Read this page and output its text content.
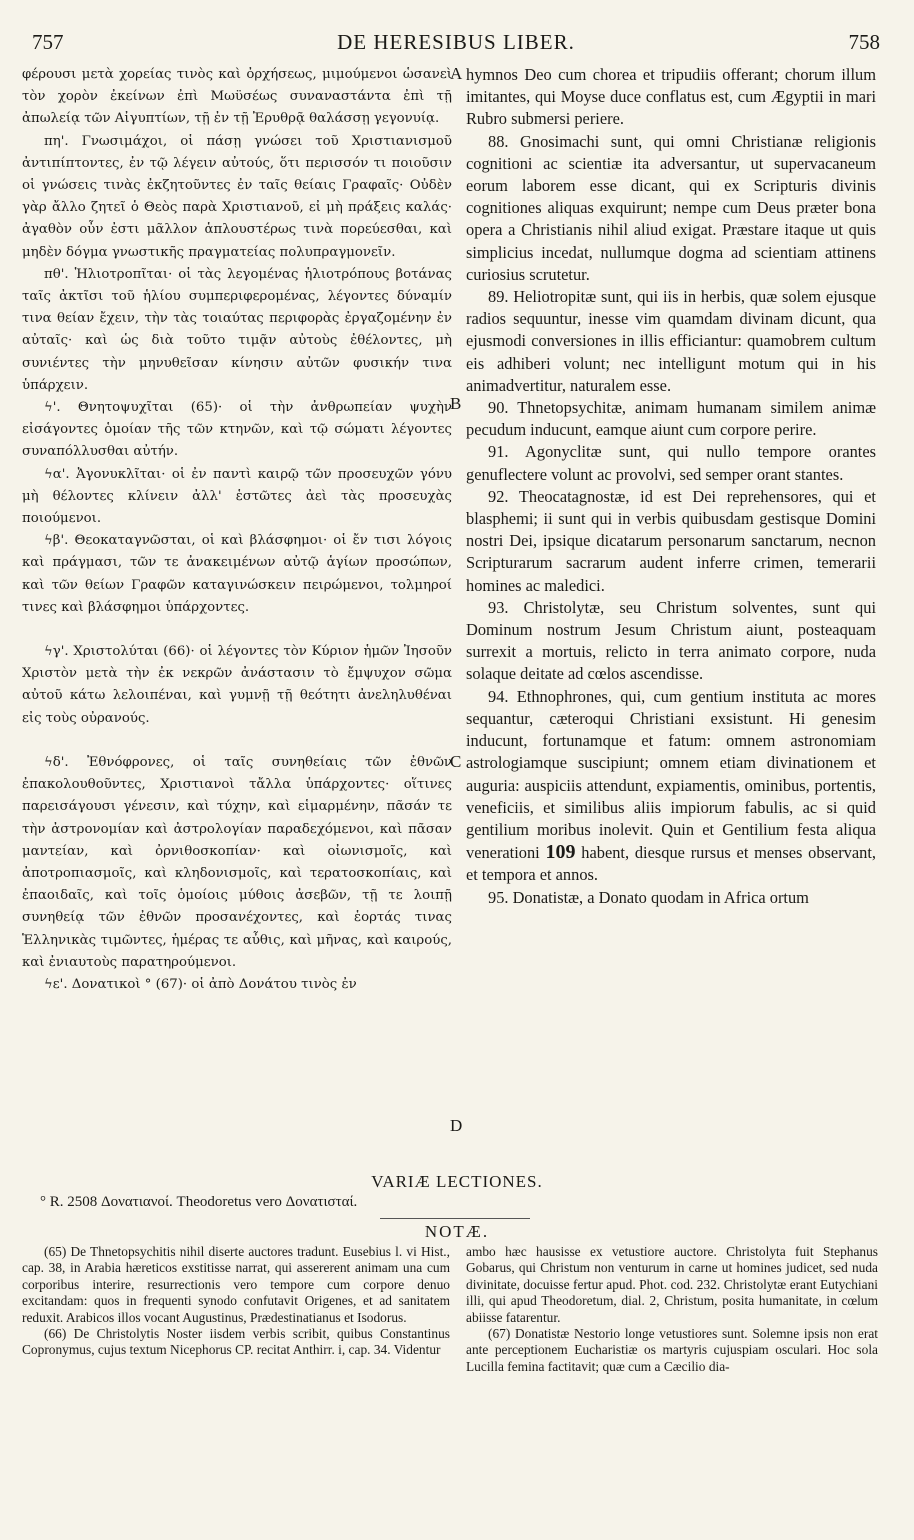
757	DE HERESIBUS LIBER.	758
A
B
C
D

φέρουσι μετὰ χορείας τινὸς καὶ ὀρχήσεως, μιμούμενοι ὡσανεὶ τὸν χορὸν ἐκείνων ἐπὶ Μωϋσέως συναναστάντα ἐπὶ τῇ ἀπωλείᾳ τῶν Αἰγυπτίων, τῇ ἐν τῇ Ἐρυθρᾷ θαλάσσῃ γεγονυίᾳ.

πη'. Γνωσιμάχοι, οἱ πάσῃ γνώσει τοῦ Χριστιανισμοῦ ἀντιπίπτοντες, ἐν τῷ λέγειν αὐτούς, ὅτι περισσόν τι ποιοῦσιν οἱ γνώσεις τινὰς ἐκζητοῦντες ἐν ταῖς θείαις Γραφαῖς· Οὐδὲν γὰρ ἄλλο ζητεῖ ὁ Θεὸς παρὰ Χριστιανοῦ, εἰ μὴ πράξεις καλάς· ἀγαθὸν οὖν ἐστι μᾶλλον ἁπλουστέρως τινὰ πορεύεσθαι, καὶ μηδὲν δόγμα γνωστικῆς πραγματείας πολυπραγμονεῖν.

πθ'. Ἡλιοτροπῖται· οἱ τὰς λεγομένας ἡλιοτρόπους βοτάνας ταῖς ἀκτῖσι τοῦ ἡλίου συμπεριφερομένας, λέγοντες δύναμίν τινα θείαν ἔχειν, τὴν τὰς τοιαύτας περιφορὰς ἐργαζομένην ἐν αὐταῖς· καὶ ὡς διὰ τοῦτο τιμᾷν αὐτοὺς ἐθέλοντες, μὴ συνιέντες τὴν μηνυθεῖσαν κίνησιν αὐτῶν φυσικήν τινα ὑπάρχειν.

ϟ'. Θνητοψυχῖται (65)· οἱ τὴν ἀνθρωπείαν ψυχὴν εἰσάγοντες ὁμοίαν τῆς τῶν κτηνῶν, καὶ τῷ σώματι λέγοντες συναπόλλυσθαι αὐτήν.

ϟα'. Ἀγονυκλῖται· οἱ ἐν παντὶ καιρῷ τῶν προσευχῶν γόνυ μὴ θέλοντες κλίνειν ἀλλ' ἑστῶτες ἀεὶ τὰς προσευχὰς ποιούμενοι.

ϟβ'. Θεοκαταγνῶσται, οἱ καὶ βλάσφημοι· οἱ ἔν τισι λόγοις καὶ πράγμασι, τῶν τε ἀνακειμένων αὐτῷ ἁγίων προσώπων, καὶ τῶν θείων Γραφῶν καταγινώσκειν πειρώμενοι, τολμηροί τινες καὶ βλάσφημοι ὑπάρχοντες.

ϟγ'. Χριστολύται (66)· οἱ λέγοντες τὸν Κύριον ἡμῶν Ἰησοῦν Χριστὸν μετὰ τὴν ἐκ νεκρῶν ἀνάστασιν τὸ ἔμψυχον σῶμα αὐτοῦ κάτω λελοιπέναι, καὶ γυμνῇ τῇ θεότητι ἀνεληλυθέναι εἰς τοὺς οὐρανούς.

ϟδ'. Ἐθνόφρονες, οἱ ταῖς συνηθείαις τῶν ἐθνῶν ἐπακολουθοῦντες, Χριστιανοὶ τἄλλα ὑπάρχοντες· οἵτινες παρεισάγουσι γένεσιν, καὶ τύχην, καὶ εἱμαρμένην, πᾶσάν τε τὴν ἀστρονομίαν καὶ ἀστρολογίαν παραδεχόμενοι, καὶ πᾶσαν μαντείαν, καὶ ὀρνιθοσκοπίαν· καὶ οἰωνισμοῖς, καὶ ἀποτροπιασμοῖς, καὶ κληδονισμοῖς, καὶ τερατοσκοπίαις, καὶ ἐπαοιδαῖς, καὶ τοῖς ὁμοίοις μύθοις ἀσεβῶν, τῇ τε λοιπῇ συνηθείᾳ τῶν ἐθνῶν προσανέχοντες, καὶ ἑορτάς τινας Ἑλληνικὰς τιμῶντες, ἡμέρας τε αὖθις, καὶ μῆνας, καὶ καιρούς, καὶ ἐνιαυτοὺς παρατηρούμενοι.

ϟε'. Δονατικοὶ ° (67)· οἱ ἀπὸ Δονάτου τινὸς ἐν

hymnos Deo cum chorea et tripudiis offerant; chorum illum imitantes, qui Moyse duce conflatus est, cum Ægyptii in mari Rubro submersi periere.

88. Gnosimachi sunt, qui omni Christianæ religionis cognitioni ac scientiæ ita adversantur, ut supervacaneum eorum laborem esse dicant, qui ex Scripturis divinis cognitiones aliquas exquirunt; nempe cum Deus præter bona opera a Christianis nihil aliud exigat. Præstare itaque ut quis simplicius incedat, nullumque dogma ad scientiam attinens curiosius scrutetur.

89. Heliotropitæ sunt, qui iis in herbis, quæ solem ejusque radios sequuntur, inesse vim quamdam divinam dicunt, qua ejusmodi conversiones in illis efficiantur: quamobrem cultum eis adhiberi volunt; nec intelligunt motum qui in his animadvertitur, naturalem esse.

90. Thnetopsychitæ, animam humanam similem animæ pecudum inducunt, eamque aiunt cum corpore perire.

91. Agonyclitæ sunt, qui nullo tempore orantes genuflectere volunt ac provolvi, sed semper orant stantes.

92. Theocatagnostæ, id est Dei reprehensores, qui et blasphemi; ii sunt qui in verbis quibusdam gestisque Domini nostri Dei, ipsique dicatarum personarum sanctarum, necnon Scripturarum sacrarum audent inferre crimen, temerarii homines ac maledici.

93. Christolytæ, seu Christum solventes, sunt qui Dominum nostrum Jesum Christum aiunt, posteaquam surrexit a mortuis, relicto in terra animato corpore, nuda solaque deitate ad cœlos ascendisse.

94. Ethnophrones, qui, cum gentium instituta ac mores sequantur, cæteroqui Christiani exsistunt. Hi genesim inducunt, fortunamque et fatum: omnem astronomiam astrologiamque suscipiunt; omnem etiam divinationem et auguria: auspiciis attendunt, expiamentis, ominibus, portentis, veneficiis, et similibus aliis impiorum fabulis, ac si quid gentilium moribus inolevit. Quin et Gentilium festa aliqua venerationi 109 habent, diesque rursus et menses observant, et tempora et annos.

95. Donatistæ, a Donato quodam in Africa ortum

VARIÆ LECTIONES.
° R. 2508 Δονατιανοί. Theodoretus vero Δονατισταί.
NOTÆ.

(65) De Thnetopsychitis nihil diserte auctores tradunt. Eusebius l. vi Hist., cap. 38, in Arabia hæreticos exstitisse narrat, qui assererent animam una cum corporibus interire, resurrectionis vero tempore cum corpore denuo excitandam: quos in frequenti synodo confutavit Origenes, et ad sanitatem reduxit. Arabicos illos vocant Augustinus, Prædestinatianus et Isodorus.

(66) De Christolytis Noster iisdem verbis scribit, quibus Constantinus Copronymus, cujus textum Nicephorus CP. recitat Anthirr. i, cap. 34. Videntur

ambo hæc hausisse ex vetustiore auctore. Christolyta fuit Stephanus Gobarus, qui Christum non venturum in carne ut homines judicet, sed nuda divinitate, docuisse fertur apud. Phot. cod. 232. Christolytæ erant Eutychiani illi, qui apud Theodoretum, dial. 2, Christum, posita humanitate, in cœlum abiisse fatarentur.

(67) Donatistæ Nestorio longe vetustiores sunt. Solemne ipsis non erat ante perceptionem Eucharistiæ os martyris cujuspiam osculari. Hoc sola Lucilla femina factitavit; quæ cum a Cæcilio dia-
